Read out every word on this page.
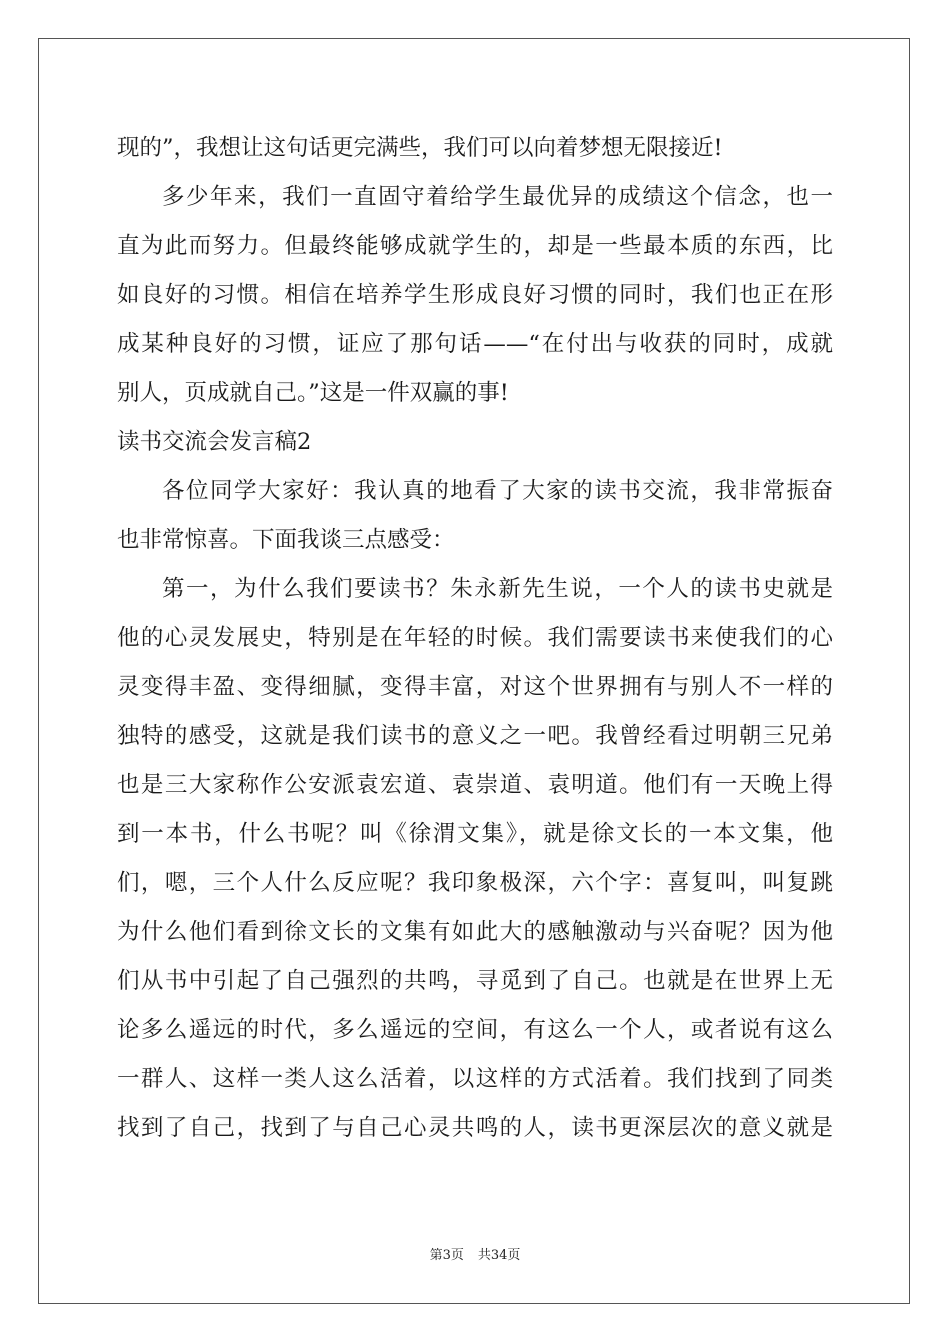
现的”，我想让这句话更完满些，我们可以向着梦想无限接近!
多少年来，我们一直固守着给学生最优异的成绩这个信念，也一
直为此而努力。但最终能够成就学生的，却是一些最本质的东西，比
如良好的习惯。相信在培养学生形成良好习惯的同时，我们也正在形
成某种良好的习惯，证应了那句话——“在付出与收获的同时，成就
别人，页成就自己。”这是一件双赢的事!
读书交流会发言稿2
各位同学大家好：我认真的地看了大家的读书交流，我非常振奋
也非常惊喜。下面我谈三点感受：
第一，为什么我们要读书？朱永新先生说，一个人的读书史就是
他的心灵发展史，特别是在年轻的时候。我们需要读书来使我们的心
灵变得丰盈、变得细腻，变得丰富，对这个世界拥有与别人不一样的
独特的感受，这就是我们读书的意义之一吧。我曾经看过明朝三兄弟
也是三大家称作公安派袁宏道、袁崇道、袁明道。他们有一天晚上得
到一本书，什么书呢？叫《徐渭文集》，就是徐文长的一本文集，他
们，嗯，三个人什么反应呢？我印象极深，六个字：喜复叫，叫复跳
为什么他们看到徐文长的文集有如此大的感触激动与兴奋呢？因为他
们从书中引起了自己强烈的共鸣，寻觅到了自己。也就是在世界上无
论多么遥远的时代，多么遥远的空间，有这么一个人，或者说有这么
一群人、这样一类人这么活着，以这样的方式活着。我们找到了同类
找到了自己，找到了与自己心灵共鸣的人，读书更深层次的意义就是
第3页 共34页
